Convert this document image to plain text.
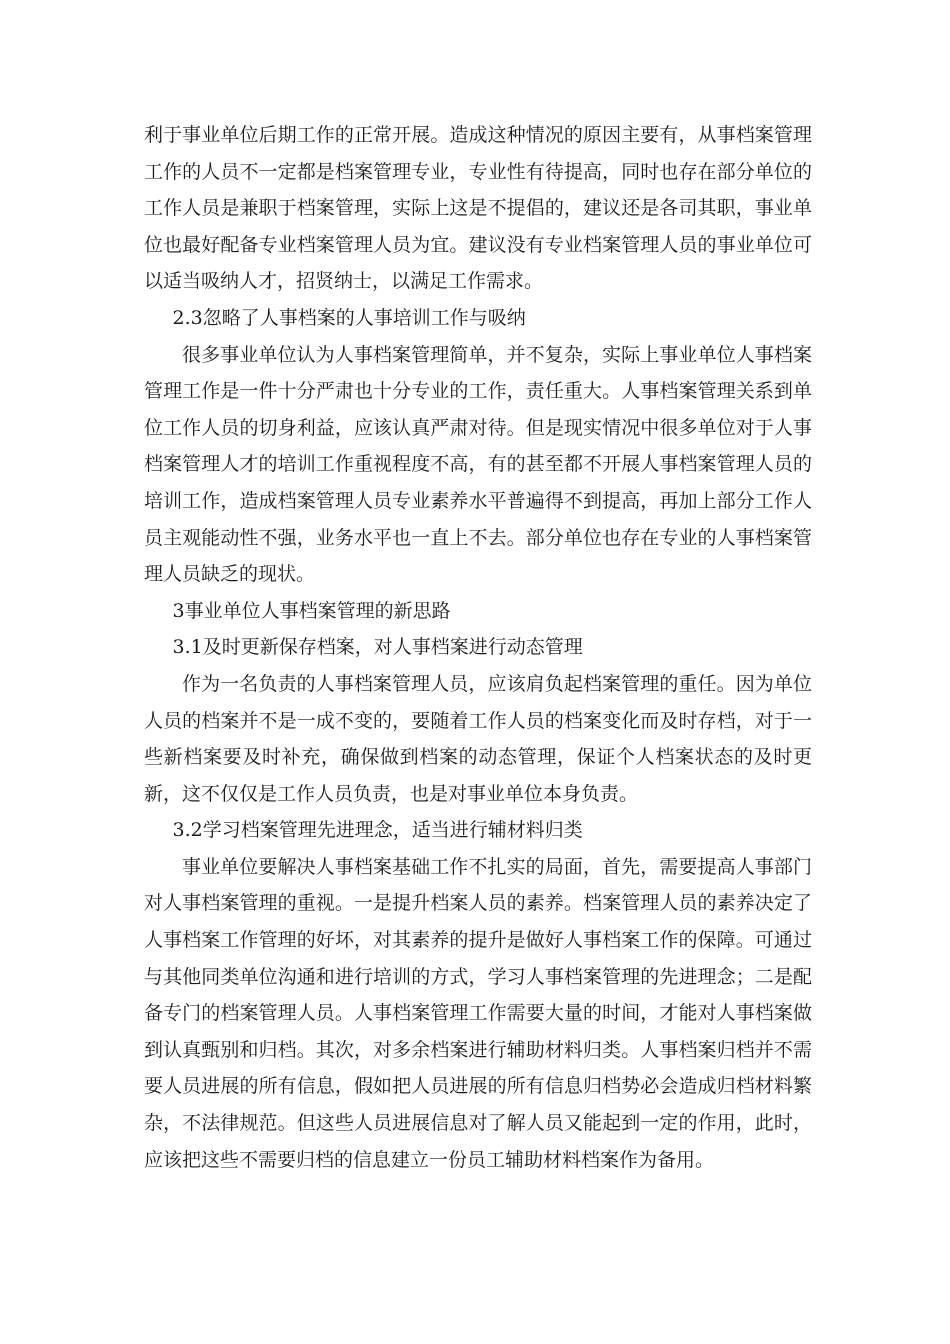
利于事业单位后期工作的正常开展。造成这种情况的原因主要有，从事档案管理工作的人员不一定都是档案管理专业，专业性有待提高，同时也存在部分单位的工作人员是兼职于档案管理，实际上这是不提倡的，建议还是各司其职，事业单位也最好配备专业档案管理人员为宜。建议没有专业档案管理人员的事业单位可以适当吸纳人才，招贤纳士，以满足工作需求。

2.3忽略了人事档案的人事培训工作与吸纳

很多事业单位认为人事档案管理简单，并不复杂，实际上事业单位人事档案管理工作是一件十分严肃也十分专业的工作，责任重大。人事档案管理关系到单位工作人员的切身利益，应该认真严肃对待。但是现实情况中很多单位对于人事档案管理人才的培训工作重视程度不高，有的甚至都不开展人事档案管理人员的培训工作，造成档案管理人员专业素养水平普遍得不到提高，再加上部分工作人员主观能动性不强，业务水平也一直上不去。部分单位也存在专业的人事档案管理人员缺乏的现状。

3事业单位人事档案管理的新思路

3.1及时更新保存档案，对人事档案进行动态管理

作为一名负责的人事档案管理人员，应该肩负起档案管理的重任。因为单位人员的档案并不是一成不变的，要随着工作人员的档案变化而及时存档，对于一些新档案要及时补充，确保做到档案的动态管理，保证个人档案状态的及时更新，这不仅仅是工作人员负责，也是对事业单位本身负责。

3.2学习档案管理先进理念，适当进行辅材料归类

事业单位要解决人事档案基础工作不扎实的局面，首先，需要提高人事部门对人事档案管理的重视。一是提升档案人员的素养。档案管理人员的素养决定了人事档案工作管理的好坏，对其素养的提升是做好人事档案工作的保障。可通过与其他同类单位沟通和进行培训的方式，学习人事档案管理的先进理念；二是配备专门的档案管理人员。人事档案管理工作需要大量的时间，才能对人事档案做到认真甄别和归档。其次，对多余档案进行辅助材料归类。人事档案归档并不需要人员进展的所有信息，假如把人员进展的所有信息归档势必会造成归档材料繁杂，不法律规范。但这些人员进展信息对了解人员又能起到一定的作用，此时，应该把这些不需要归档的信息建立一份员工辅助材料档案作为备用。
